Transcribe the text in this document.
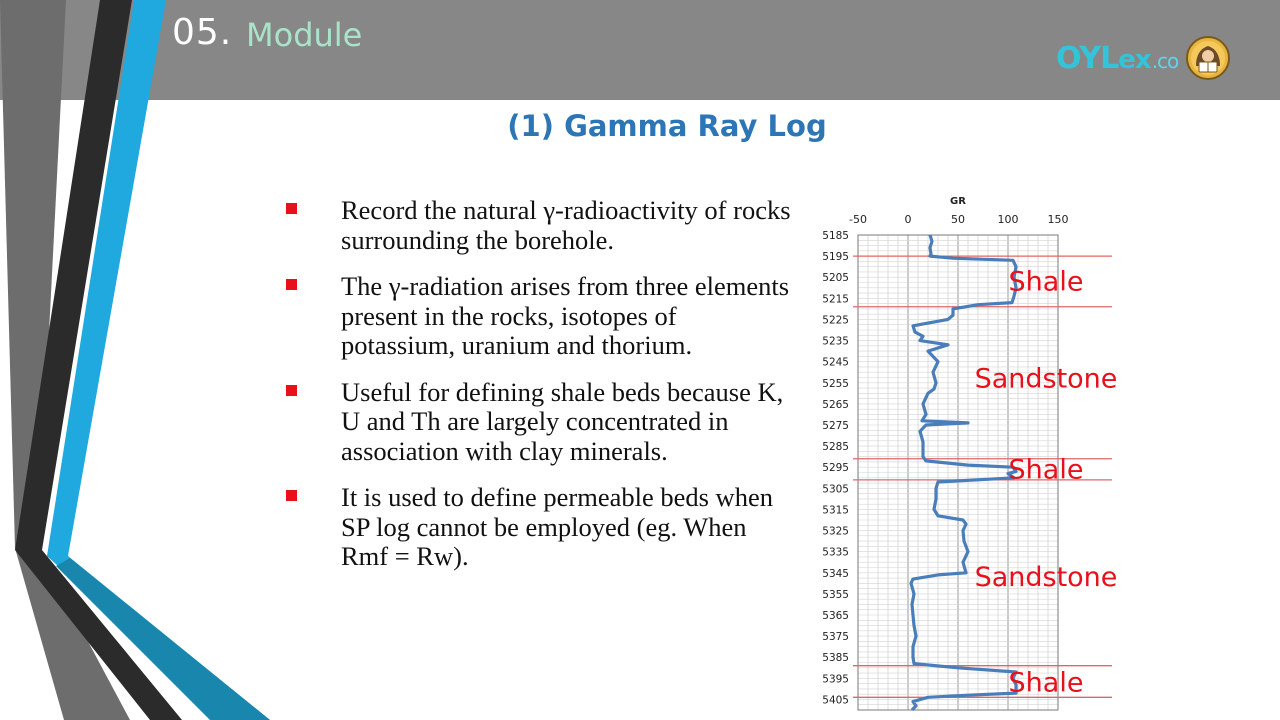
05. Module
OYLex.co
(1) Gamma Ray Log
Record the natural γ-radioactivity of rocks surrounding the borehole.
The γ-radiation arises from three elements present in the rocks, isotopes of potassium, uranium and thorium.
Useful for defining shale beds because K, U and Th are largely concentrated in association with clay minerals.
It is used to define permeable beds when SP log cannot be employed (eg. When Rmf = Rw).
GR
-50	0	50	100	150
5185
5195
5205
5215
5225
5235
5245
5255
5265
5275
5285
5295
5305
5315
5325
5335
5345
5355
5365
5375
5385
5395
5405
Shale
Sandstone
Shale
Sandstone
Shale
